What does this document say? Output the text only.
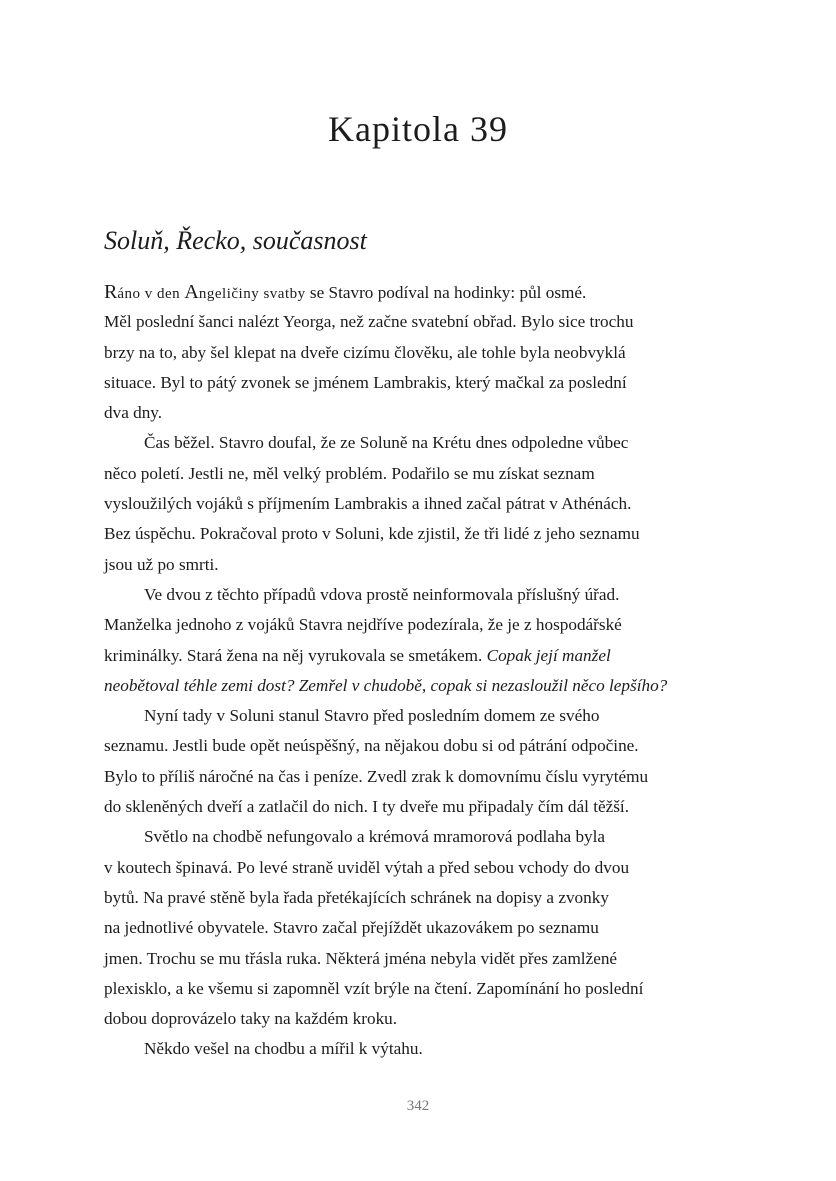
Kapitola 39
Soluň, Řecko, současnost
Ráno v den Angeličiny svatby se Stavro podíval na hodinky: půl osmé.
Měl poslední šanci nalézt Yeorga, než začne svatební obřad. Bylo sice trochu
brzy na to, aby šel klepat na dveře cizímu člověku, ale tohle byla neobvyklá
situace. Byl to pátý zvonek se jménem Lambrakis, který mačkal za poslední
dva dny.
Čas běžel. Stavro doufal, že ze Soluně na Krétu dnes odpoledne vůbec
něco poletí. Jestli ne, měl velký problém. Podařilo se mu získat seznam
vysloužilých vojáků s příjmením Lambrakis a ihned začal pátrat v Athénách.
Bez úspěchu. Pokračoval proto v Soluni, kde zjistil, že tři lidé z jeho seznamu
jsou už po smrti.
Ve dvou z těchto případů vdova prostě neinformovala příslušný úřad.
Manželka jednoho z vojáků Stavra nejdříve podezírala, že je z hospodářské
kriminálky. Stará žena na něj vyrukovala se smetákem. Copak její manžel
neobětoval téhle zemi dost? Zemřel v chudobě, copak si nezasloužil něco lepšího?
Nyní tady v Soluni stanul Stavro před posledním domem ze svého
seznamu. Jestli bude opět neúspěšný, na nějakou dobu si od pátrání odpočine.
Bylo to příliš náročné na čas i peníze. Zvedl zrak k domovnímu číslu vyrytému
do skleněných dveří a zatlačil do nich. I ty dveře mu připadaly čím dál těžší.
Světlo na chodbě nefungovalo a krémová mramorová podlaha byla
v koutech špinavá. Po levé straně uviděl výtah a před sebou vchody do dvou
bytů. Na pravé stěně byla řada přetékajících schránek na dopisy a zvonky
na jednotlivé obyvatele. Stavro začal přejíždět ukazovákem po seznamu
jmen. Trochu se mu třásla ruka. Některá jména nebyla vidět přes zamlžené
plexisklo, a ke všemu si zapomněl vzít brýle na čtení. Zapomínání ho poslední
dobou doprovázelo taky na každém kroku.
Někdo vešel na chodbu a mířil k výtahu.
342
